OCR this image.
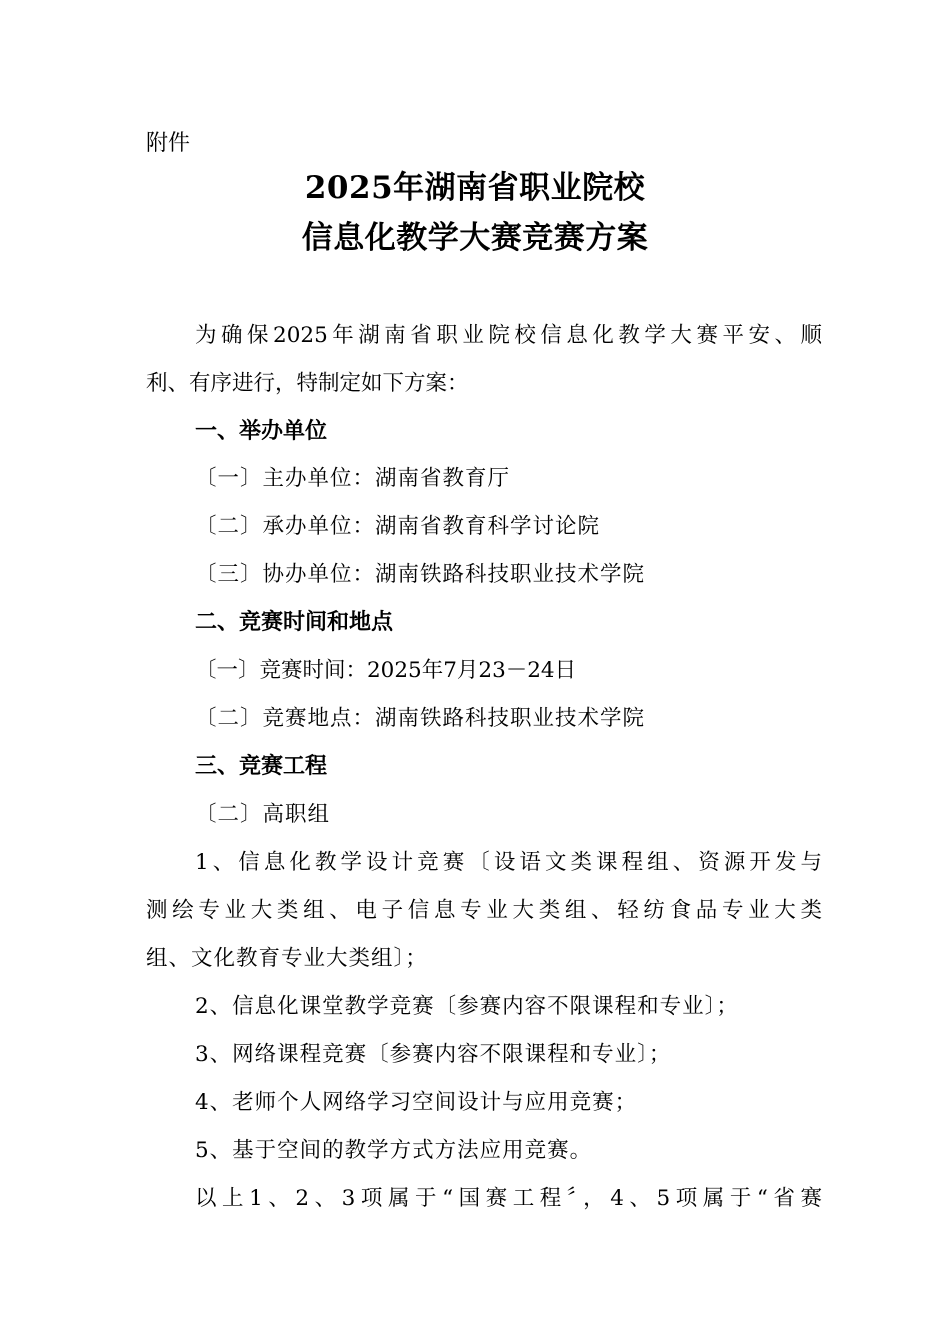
附件
2025年湖南省职业院校
信息化教学大赛竞赛方案
为确保2025年湖南省职业院校信息化教学大赛平安、顺
利、有序进行，特制定如下方案：
一、举办单位
〔一〕主办单位：湖南省教育厅
〔二〕承办单位：湖南省教育科学讨论院
〔三〕协办单位：湖南铁路科技职业技术学院
二、竞赛时间和地点
〔一〕竞赛时间：2025年7月23－24日
〔二〕竞赛地点：湖南铁路科技职业技术学院
三、竞赛工程
〔二〕高职组
1、信息化教学设计竞赛〔设语文类课程组、资源开发与
测绘专业大类组、电子信息专业大类组、轻纺食品专业大类
组、文化教育专业大类组〕；
2、信息化课堂教学竞赛〔参赛内容不限课程和专业〕；
3、网络课程竞赛〔参赛内容不限课程和专业〕；
4、老师个人网络学习空间设计与应用竞赛；
5、基于空间的教学方式方法应用竞赛。
以上1、2、3项属于“国赛工程〞，4、5项属于“省赛
